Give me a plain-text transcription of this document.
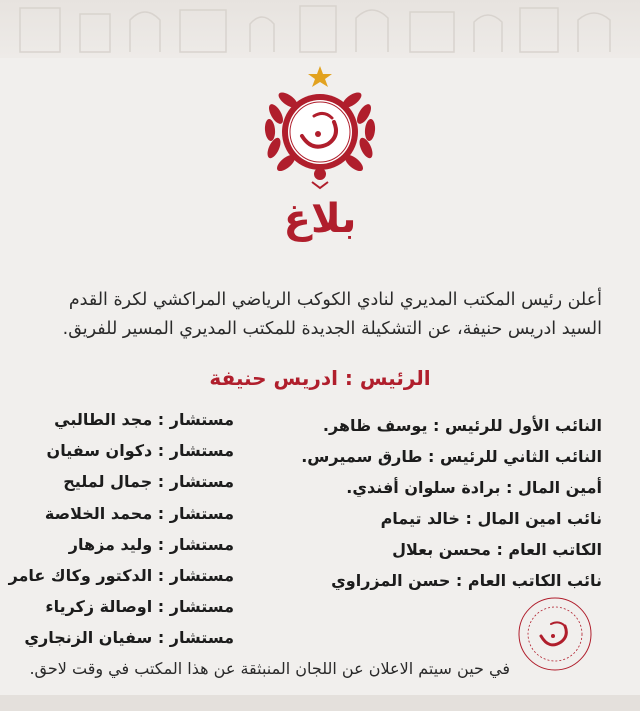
بلاغ
أعلن رئيس المكتب المديري لنادي الكوكب الرياضي المراكشي لكرة القدم
السيد ادريس حنيفة، عن التشكيلة الجديدة للمكتب المديري المسير للفريق.
الرئيس : ادريس حنيفة
النائب الأول للرئيس : يوسف ظاهر.
النائب الثاني للرئيس : طارق سميرس.
أمين المال : برادة سلوان أفندي.
نائب امين المال : خالد تيمام
الكاتب العام : محسن بعلال
نائب الكاتب العام : حسن المزراوي
مستشار : مجد الطالبي
مستشار : دكوان سفيان
مستشار : جمال لمليح
مستشار : محمد الخلاصة
مستشار : وليد مزهار
مستشار : الدكتور وكاك عامر
مستشار : اوصالة زكرياء
مستشار : سفيان الزنجاري
في حين سيتم الاعلان عن اللجان المنبثقة عن هذا المكتب في وقت لاحق.
